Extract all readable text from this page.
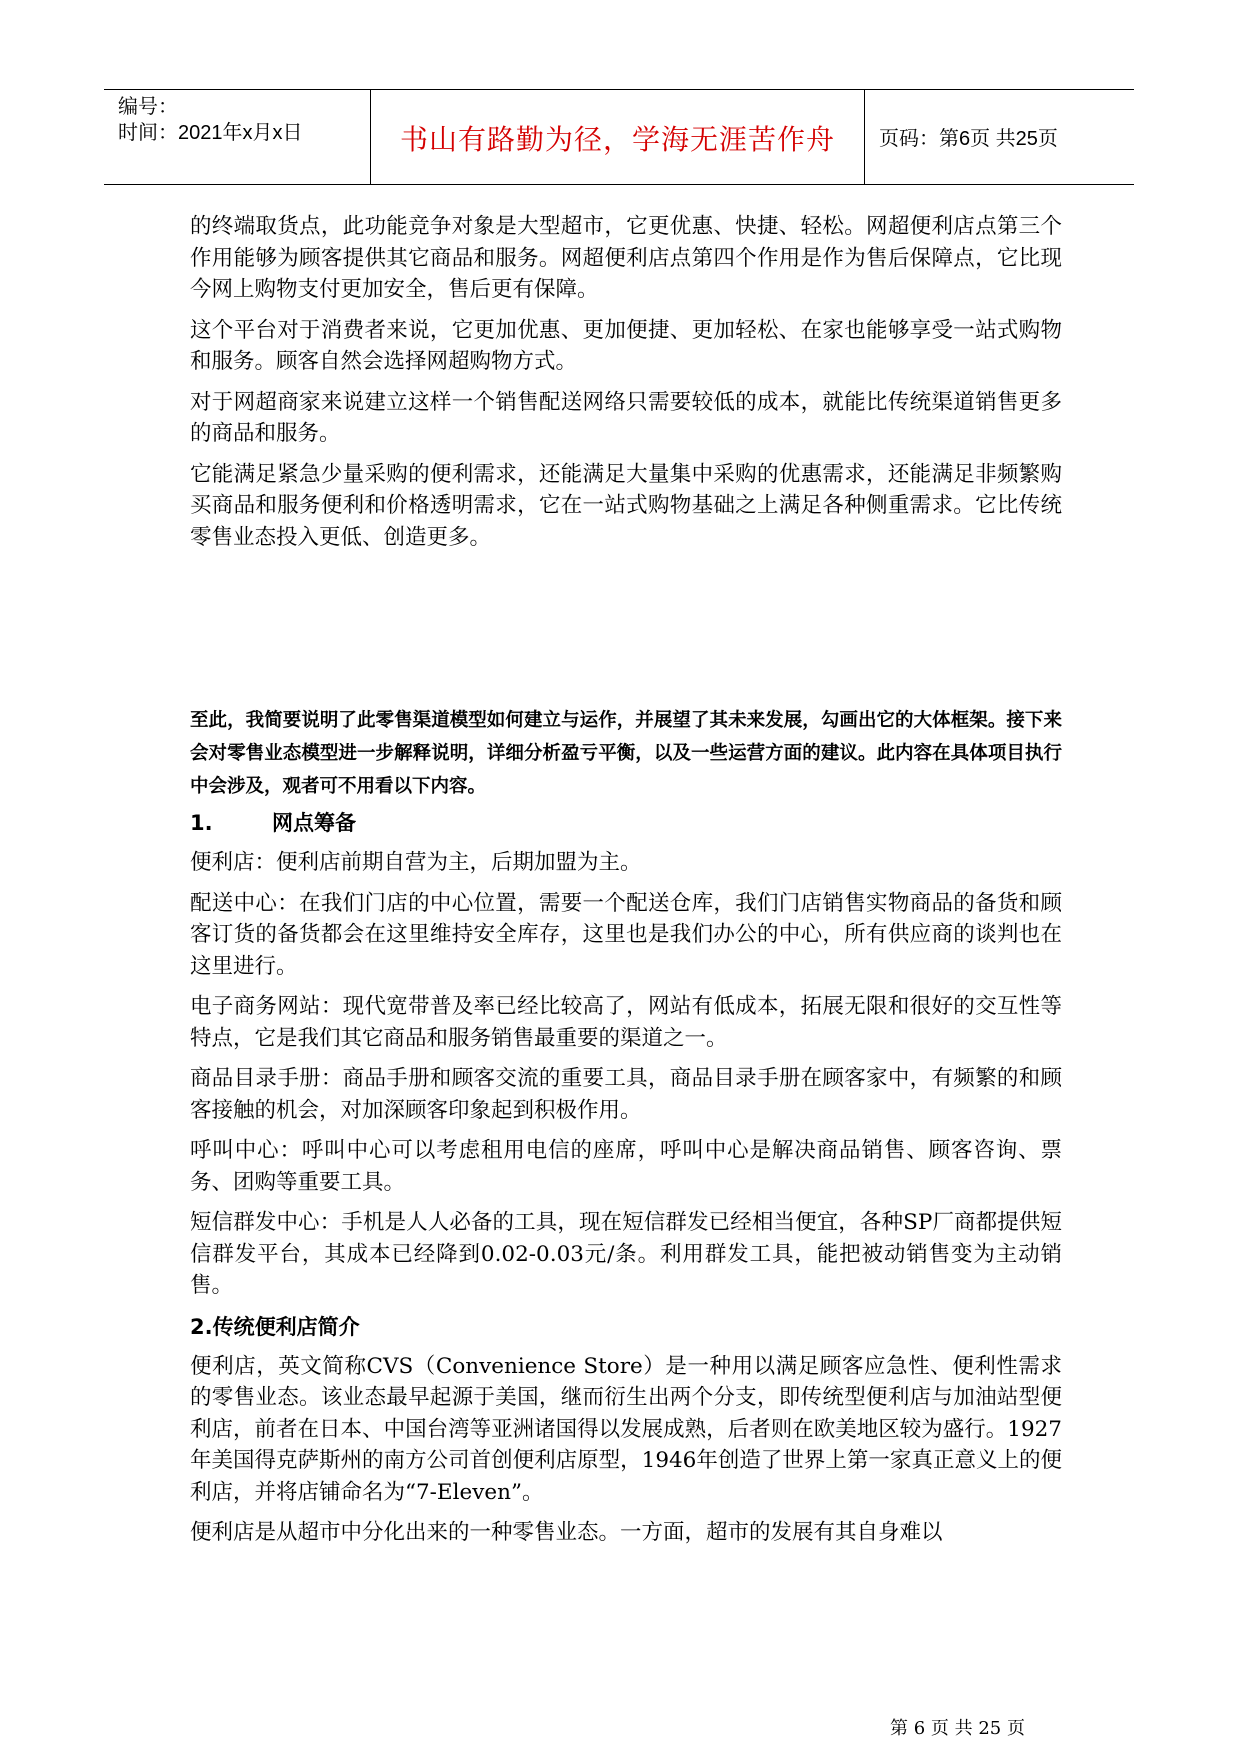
编号：
时间：2021年x月x日	书山有路勤为径，学海无涯苦作舟	页码：第6页 共25页

的终端取货点，此功能竞争对象是大型超市，它更优惠、快捷、轻松。网超便利店点第三个作用能够为顾客提供其它商品和服务。网超便利店点第四个作用是作为售后保障点，它比现今网上购物支付更加安全，售后更有保障。

这个平台对于消费者来说，它更加优惠、更加便捷、更加轻松、在家也能够享受一站式购物和服务。顾客自然会选择网超购物方式。

对于网超商家来说建立这样一个销售配送网络只需要较低的成本，就能比传统渠道销售更多的商品和服务。

它能满足紧急少量采购的便利需求，还能满足大量集中采购的优惠需求，还能满足非频繁购买商品和服务便利和价格透明需求，它在一站式购物基础之上满足各种侧重需求。它比传统零售业态投入更低、创造更多。

至此，我简要说明了此零售渠道模型如何建立与运作，并展望了其未来发展，勾画出它的大体框架。接下来会对零售业态模型进一步解释说明，详细分析盈亏平衡，以及一些运营方面的建议。此内容在具体项目执行中会涉及，观者可不用看以下内容。

1.	网点筹备

便利店：便利店前期自营为主，后期加盟为主。

配送中心：在我们门店的中心位置，需要一个配送仓库，我们门店销售实物商品的备货和顾客订货的备货都会在这里维持安全库存，这里也是我们办公的中心，所有供应商的谈判也在这里进行。

电子商务网站：现代宽带普及率已经比较高了，网站有低成本，拓展无限和很好的交互性等特点，它是我们其它商品和服务销售最重要的渠道之一。

商品目录手册：商品手册和顾客交流的重要工具，商品目录手册在顾客家中，有频繁的和顾客接触的机会，对加深顾客印象起到积极作用。

呼叫中心：呼叫中心可以考虑租用电信的座席，呼叫中心是解决商品销售、顾客咨询、票务、团购等重要工具。

短信群发中心：手机是人人必备的工具，现在短信群发已经相当便宜，各种SP厂商都提供短信群发平台，其成本已经降到0.02-0.03元/条。利用群发工具，能把被动销售变为主动销售。

2.传统便利店简介

便利店，英文简称CVS（Convenience Store）是一种用以满足顾客应急性、便利性需求的零售业态。该业态最早起源于美国，继而衍生出两个分支，即传统型便利店与加油站型便利店，前者在日本、中国台湾等亚洲诸国得以发展成熟，后者则在欧美地区较为盛行。1927年美国得克萨斯州的南方公司首创便利店原型，1946年创造了世界上第一家真正意义上的便利店，并将店铺命名为“7-Eleven”。

便利店是从超市中分化出来的一种零售业态。一方面，超市的发展有其自身难以

第 6 页 共 25 页
